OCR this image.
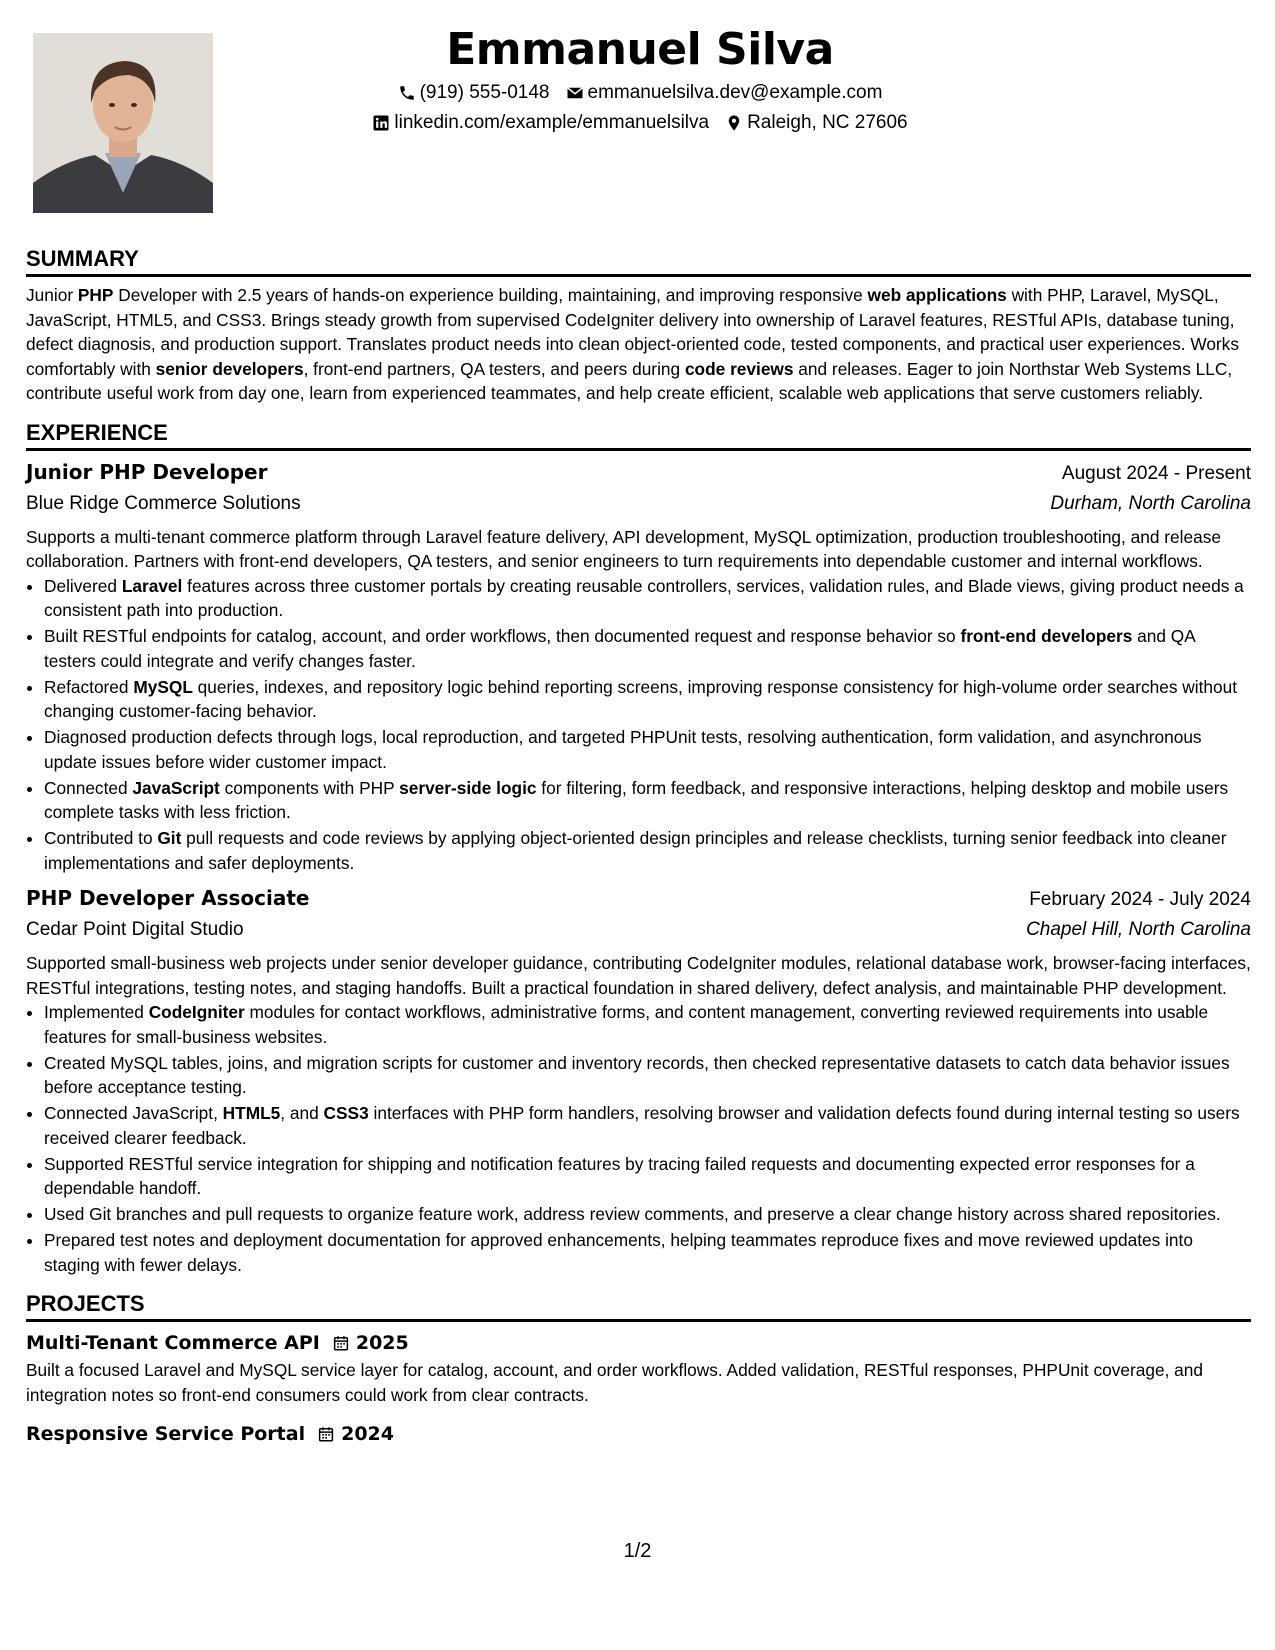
Emmanuel Silva
(919) 555-0148 emmanuelsilva.dev@example.com
linkedin.com/example/emmanuelsilva Raleigh, NC 27606
SUMMARY
Junior PHP Developer with 2.5 years of hands-on experience building, maintaining, and improving responsive web applications with PHP, Laravel, MySQL, JavaScript, HTML5, and CSS3. Brings steady growth from supervised CodeIgniter delivery into ownership of Laravel features, RESTful APIs, database tuning, defect diagnosis, and production support. Translates product needs into clean object-oriented code, tested components, and practical user experiences. Works comfortably with senior developers, front-end partners, QA testers, and peers during code reviews and releases. Eager to join Northstar Web Systems LLC, contribute useful work from day one, learn from experienced teammates, and help create efficient, scalable web applications that serve customers reliably.
EXPERIENCE
Junior PHP Developer	August 2024 - Present
Blue Ridge Commerce Solutions	Durham, North Carolina
Supports a multi-tenant commerce platform through Laravel feature delivery, API development, MySQL optimization, production troubleshooting, and release collaboration. Partners with front-end developers, QA testers, and senior engineers to turn requirements into dependable customer and internal workflows.
• Delivered Laravel features across three customer portals by creating reusable controllers, services, validation rules, and Blade views, giving product needs a consistent path into production.
• Built RESTful endpoints for catalog, account, and order workflows, then documented request and response behavior so front-end developers and QA testers could integrate and verify changes faster.
• Refactored MySQL queries, indexes, and repository logic behind reporting screens, improving response consistency for high-volume order searches without changing customer-facing behavior.
• Diagnosed production defects through logs, local reproduction, and targeted PHPUnit tests, resolving authentication, form validation, and asynchronous update issues before wider customer impact.
• Connected JavaScript components with PHP server-side logic for filtering, form feedback, and responsive interactions, helping desktop and mobile users complete tasks with less friction.
• Contributed to Git pull requests and code reviews by applying object-oriented design principles and release checklists, turning senior feedback into cleaner implementations and safer deployments.
PHP Developer Associate	February 2024 - July 2024
Cedar Point Digital Studio	Chapel Hill, North Carolina
Supported small-business web projects under senior developer guidance, contributing CodeIgniter modules, relational database work, browser-facing interfaces, RESTful integrations, testing notes, and staging handoffs. Built a practical foundation in shared delivery, defect analysis, and maintainable PHP development.
• Implemented CodeIgniter modules for contact workflows, administrative forms, and content management, converting reviewed requirements into usable features for small-business websites.
• Created MySQL tables, joins, and migration scripts for customer and inventory records, then checked representative datasets to catch data behavior issues before acceptance testing.
• Connected JavaScript, HTML5, and CSS3 interfaces with PHP form handlers, resolving browser and validation defects found during internal testing so users received clearer feedback.
• Supported RESTful service integration for shipping and notification features by tracing failed requests and documenting expected error responses for a dependable handoff.
• Used Git branches and pull requests to organize feature work, address review comments, and preserve a clear change history across shared repositories.
• Prepared test notes and deployment documentation for approved enhancements, helping teammates reproduce fixes and move reviewed updates into staging with fewer delays.
PROJECTS
Multi-Tenant Commerce API 2025
Built a focused Laravel and MySQL service layer for catalog, account, and order workflows. Added validation, RESTful responses, PHPUnit coverage, and integration notes so front-end consumers could work from clear contracts.
Responsive Service Portal 2024
1/2
